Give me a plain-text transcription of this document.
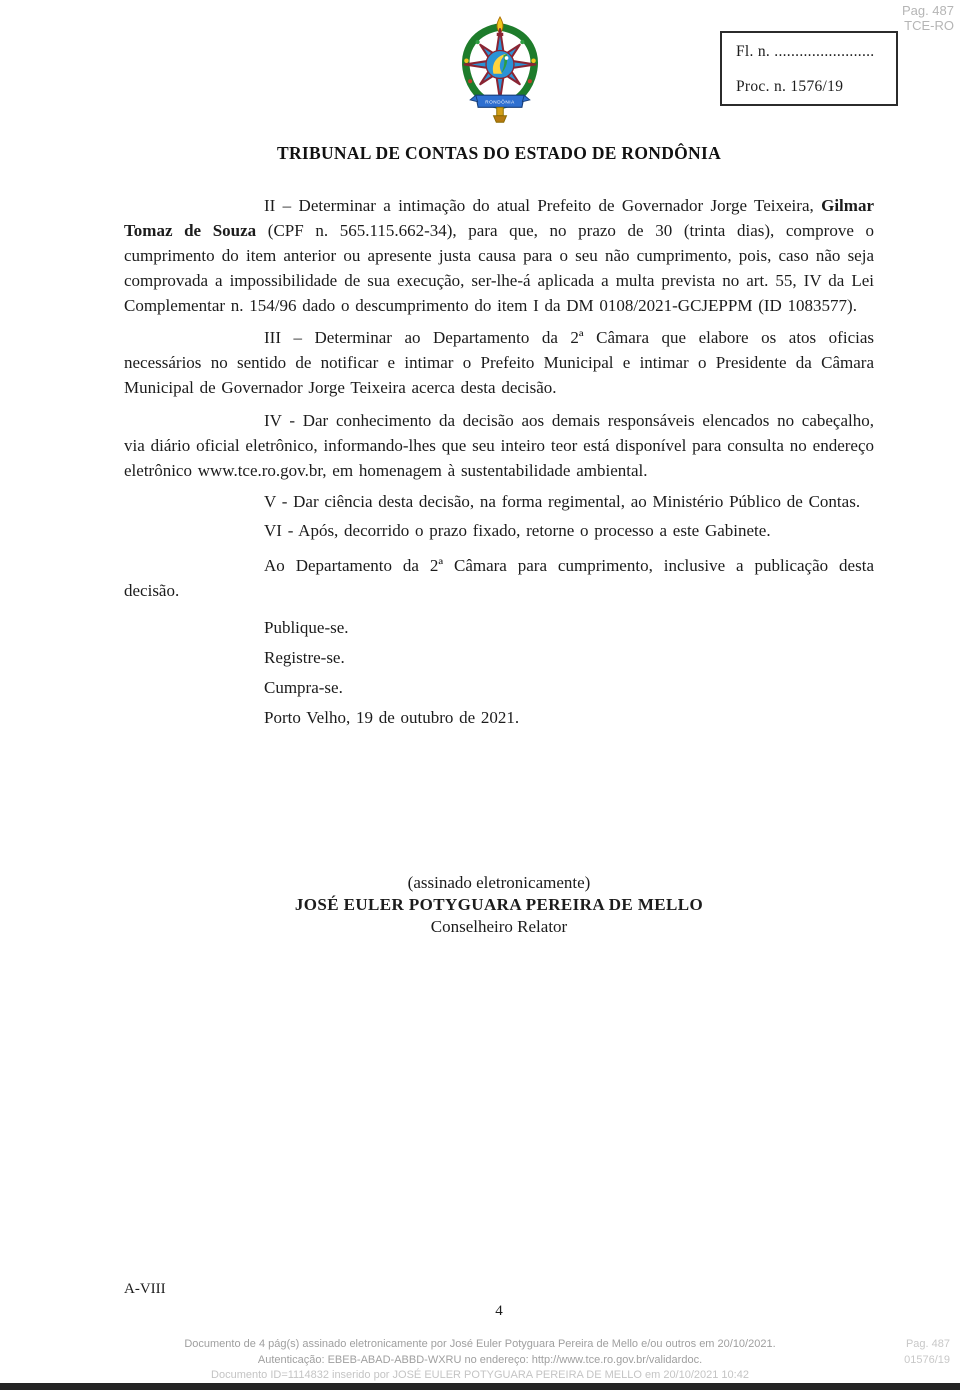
Pag. 487
TCE-RO
Fl. n. ........................
Proc. n. 1576/19
RONDÔNIA
TRIBUNAL DE CONTAS DO ESTADO DE RONDÔNIA

II – Determinar a intimação do atual Prefeito de Governador Jorge Teixeira, Gilmar Tomaz de Souza (CPF n. 565.115.662-34), para que, no prazo de 30 (trinta dias), comprove o cumprimento do item anterior ou apresente justa causa para o seu não cumprimento, pois, caso não seja comprovada a impossibilidade de sua execução, ser-lhe-á aplicada a multa prevista no art. 55, IV da Lei Complementar n. 154/96 dado o descumprimento do item I da DM 0108/2021-GCJEPPM (ID 1083577).

III – Determinar ao Departamento da 2ª Câmara que elabore os atos oficias necessários no sentido de notificar e intimar o Prefeito Municipal e intimar o Presidente da Câmara Municipal de Governador Jorge Teixeira acerca desta decisão.

IV - Dar conhecimento da decisão aos demais responsáveis elencados no cabeçalho, via diário oficial eletrônico, informando-lhes que seu inteiro teor está disponível para consulta no endereço eletrônico www.tce.ro.gov.br, em homenagem à sustentabilidade ambiental.

V - Dar ciência desta decisão, na forma regimental, ao Ministério Público de Contas.

VI - Após, decorrido o prazo fixado, retorne o processo a este Gabinete.

Ao Departamento da 2ª Câmara para cumprimento, inclusive a publicação desta decisão.

Publique-se.

Registre-se.

Cumpra-se.

Porto Velho, 19 de outubro de 2021.

(assinado eletronicamente)
JOSÉ EULER POTYGUARA PEREIRA DE MELLO
Conselheiro Relator
A-VIII
4
Documento de 4 pág(s) assinado eletronicamente por José Euler Potyguara Pereira de Mello e/ou outros em 20/10/2021.
Autenticação: EBEB-ABAD-ABBD-WXRU no endereço: http://www.tce.ro.gov.br/validardoc.
Documento ID=1114832 inserido por JOSÉ EULER POTYGUARA PEREIRA DE MELLO em 20/10/2021 10:42
Pag. 487
01576/19
